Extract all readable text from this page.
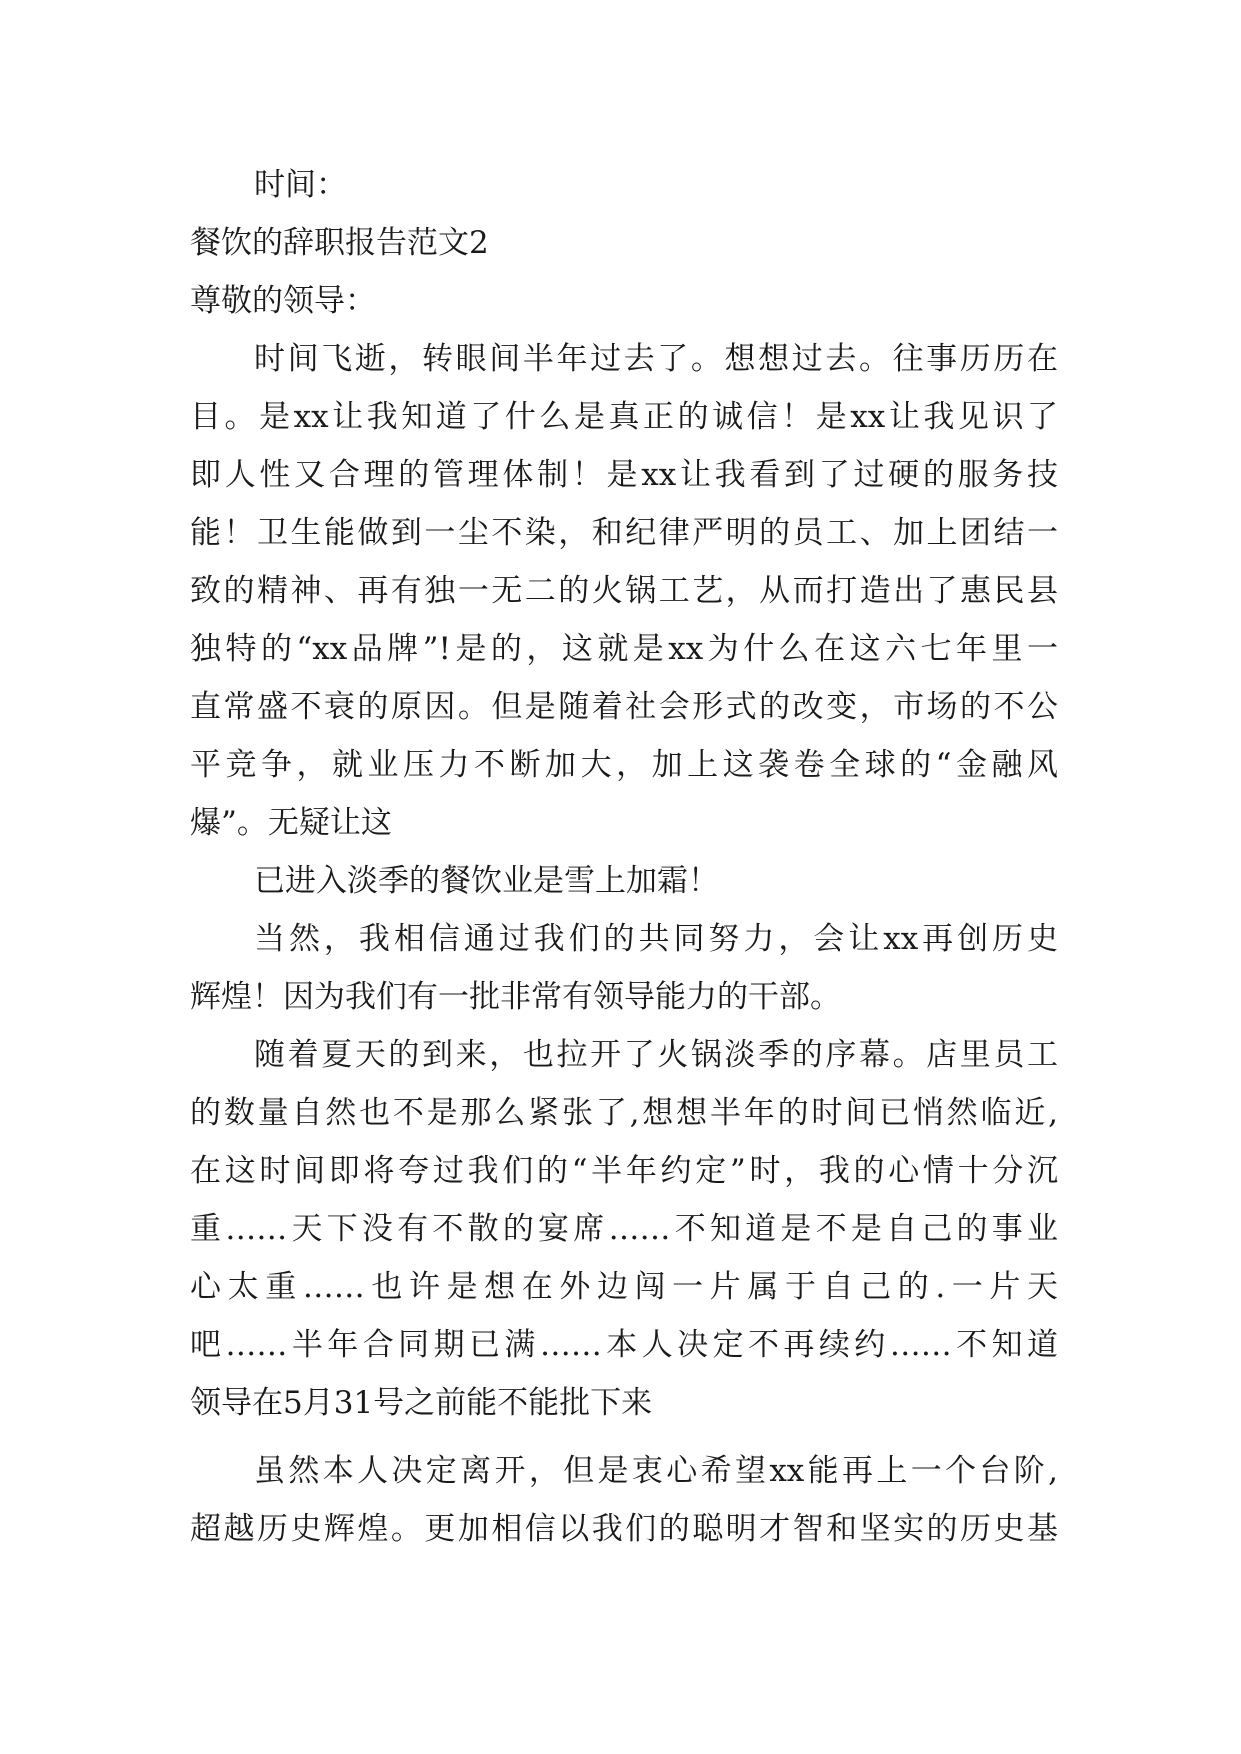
时间：
餐饮的辞职报告范文2
尊敬的领导：
时间飞逝，转眼间半年过去了。想想过去。往事历历在
目。是xx让我知道了什么是真正的诚信！是xx让我见识了
即人性又合理的管理体制！是xx让我看到了过硬的服务技
能！卫生能做到一尘不染，和纪律严明的员工、加上团结一
致的精神、再有独一无二的火锅工艺，从而打造出了惠民县
独特的“xx品牌”!是的，这就是xx为什么在这六七年里一
直常盛不衰的原因。但是随着社会形式的改变，市场的不公
平竞争，就业压力不断加大，加上这袭卷全球的“金融风
爆”。无疑让这
已进入淡季的餐饮业是雪上加霜！
当然，我相信通过我们的共同努力，会让xx再创历史
辉煌！因为我们有一批非常有领导能力的干部。
随着夏天的到来，也拉开了火锅淡季的序幕。店里员工
的数量自然也不是那么紧张了,想想半年的时间已悄然临近,
在这时间即将夸过我们的“半年约定”时，我的心情十分沉
重……天下没有不散的宴席……不知道是不是自己的事业
心太重……也许是想在外边闯一片属于自己的.一片天
吧……半年合同期已满……本人决定不再续约……不知道
领导在5月31号之前能不能批下来
虽然本人决定离开，但是衷心希望xx能再上一个台阶,
超越历史辉煌。更加相信以我们的聪明才智和坚实的历史基
